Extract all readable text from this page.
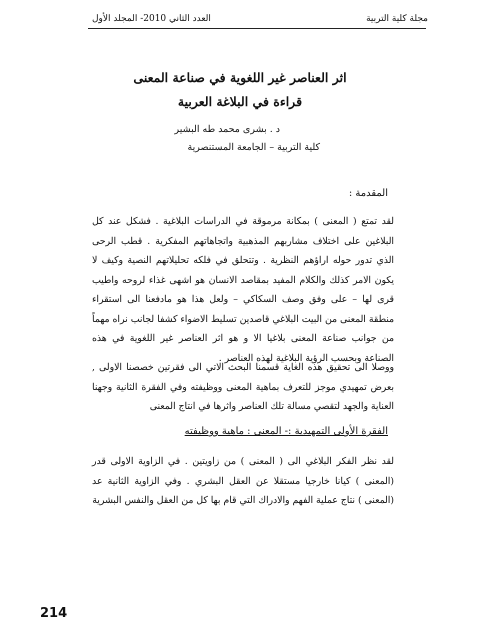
مجلة كلية التربية
العدد الثاني 2010- المجلد الأول
اثر العناصر غير اللغوية في صناعة المعنى
قراءة في البلاغة العربية
د . بشرى محمد طه البشير
كلية التربية – الجامعة المستنصرية
المقدمة :
لقد تمتع ( المعنى ) بمكانة مرموقة في الدراسات البلاغية . فشكل عند كل البلاغين على اختلاف مشاربهم المذهبية واتجاهاتهم المفكرية . قطب الرحى الذي تدور حوله اراؤهم النظرية . وتتحلق في فلكه تحليلاتهم النصية وكيف لا يكون الامر كذلك والكلام المفيد بمقاصد الانسان هو اشهى غذاء لروحه واطيب قرى لها – على وفق وصف السكاكي – ولعل هذا هو مادفعنا الى استقراء منطقة المعنى من البيت البلاغي قاصدين تسليط الاضواء كشفا لجانب نراه مهماً من جوانب صناعة المعنى بلاغيا الا و هو اثر العناصر غير اللغوية في هذه الصناعة وبحسب الرؤية البلاغية لهذه العناصر .
ووصلا الى تحقيق هذه الغاية قسمنا البحث الاتي الى فقرتين خصصنا الاولى , بعرض تمهيدي موجز للتعرف بماهية المعنى ووظيفته وفي الفقرة الثانية وجهنا العناية والجهد لتقصي مسالة تلك العناصر واثرها في انتاج المعنى
الفقرة الأولى التمهيدية :- المعنى : ماهية ووظيفته
لقد نظر الفكر البلاغي الى ( المعنى ) من زاويتين . في الزاوية الاولى قدر (المعنى ) كيانا خارجيا مستقلا عن العقل البشري . وفي الزاوية الثانية عد (المعنى ) نتاج عملية الفهم والادراك التي قام بها كل من العقل والنفس البشرية
214
